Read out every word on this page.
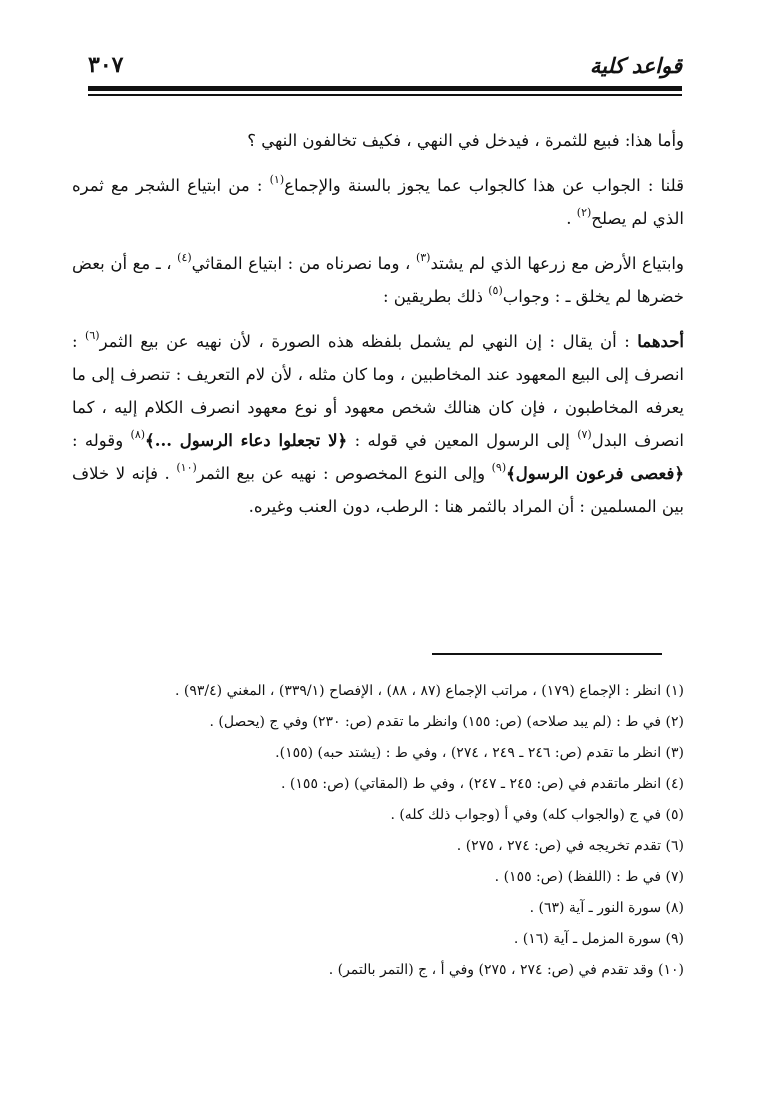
قواعد كلية
٣٠٧

وأما هذا: فبيع للثمرة ، فيدخل في النهي ، فكيف تخالفون النهي ؟

قلنا : الجواب عن هذا كالجواب عما يجوز بالسنة والإجماع$^{(١)}$ : من ابتياع الشجر مع ثمره الذي لم يصلح$^{(٢)}$ .

وابتياع الأرض مع زرعها الذي لم يشتد$^{(٣)}$ ، وما نصرناه من : ابتياع المقاثي$^{(٤)}$ ، ـ مع أن بعض خضرها لم يخلق ـ : وجواب$^{(٥)}$ ذلك بطريقين :

أحدهما : أن يقال : إن النهي لم يشمل بلفظه هذه الصورة ، لأن نهيه عن بيع الثمر$^{(٦)}$ : انصرف إلى البيع المعهود عند المخاطبين ، وما كان مثله ، لأن لام التعريف : تنصرف إلى ما يعرفه المخاطبون ، فإن كان هنالك شخص معهود أو نوع معهود انصرف الكلام إليه ، كما انصرف البدل$^{(٧)}$ إلى الرسول المعين في قوله : ﴿لا تجعلوا دعاء الرسول ...﴾$^{(٨)}$ وقوله : ﴿فعصى فرعون الرسول﴾$^{(٩)}$ وإلى النوع المخصوص : نهيه عن بيع الثمر$^{(١٠)}$ . فإنه لا خلاف بين المسلمين : أن المراد بالثمر هنا : الرطب، دون العنب وغيره.

(١) انظر : الإجماع (١٧٩) ، مراتب الإجماع (٨٧ ، ٨٨) ، الإفصاح (٣٣٩/١) ، المغني (٩٣/٤) .

(٢) في ط : (لم يبد صلاحه) (ص: ١٥٥) وانظر ما تقدم (ص: ٢٣٠) وفي ج (يحصل) .

(٣) انظر ما تقدم (ص: ٢٤٦ ـ ٢٤٩ ، ٢٧٤) ، وفي ط : (يشتد حبه) (١٥٥).

(٤) انظر ماتقدم في (ص: ٢٤٥ ـ ٢٤٧) ، وفي ط (المقاتي) (ص: ١٥٥) .

(٥) في ج (والجواب كله) وفي أ (وجواب ذلك كله) .

(٦) تقدم تخريجه في (ص: ٢٧٤ ، ٢٧٥) .

(٧) في ط : (اللفظ) (ص: ١٥٥) .

(٨) سورة النور ـ آية (٦٣) .

(٩) سورة المزمل ـ آية (١٦) .

(١٠) وقد تقدم في (ص: ٢٧٤ ، ٢٧٥) وفي أ ، ج (التمر بالتمر) .
